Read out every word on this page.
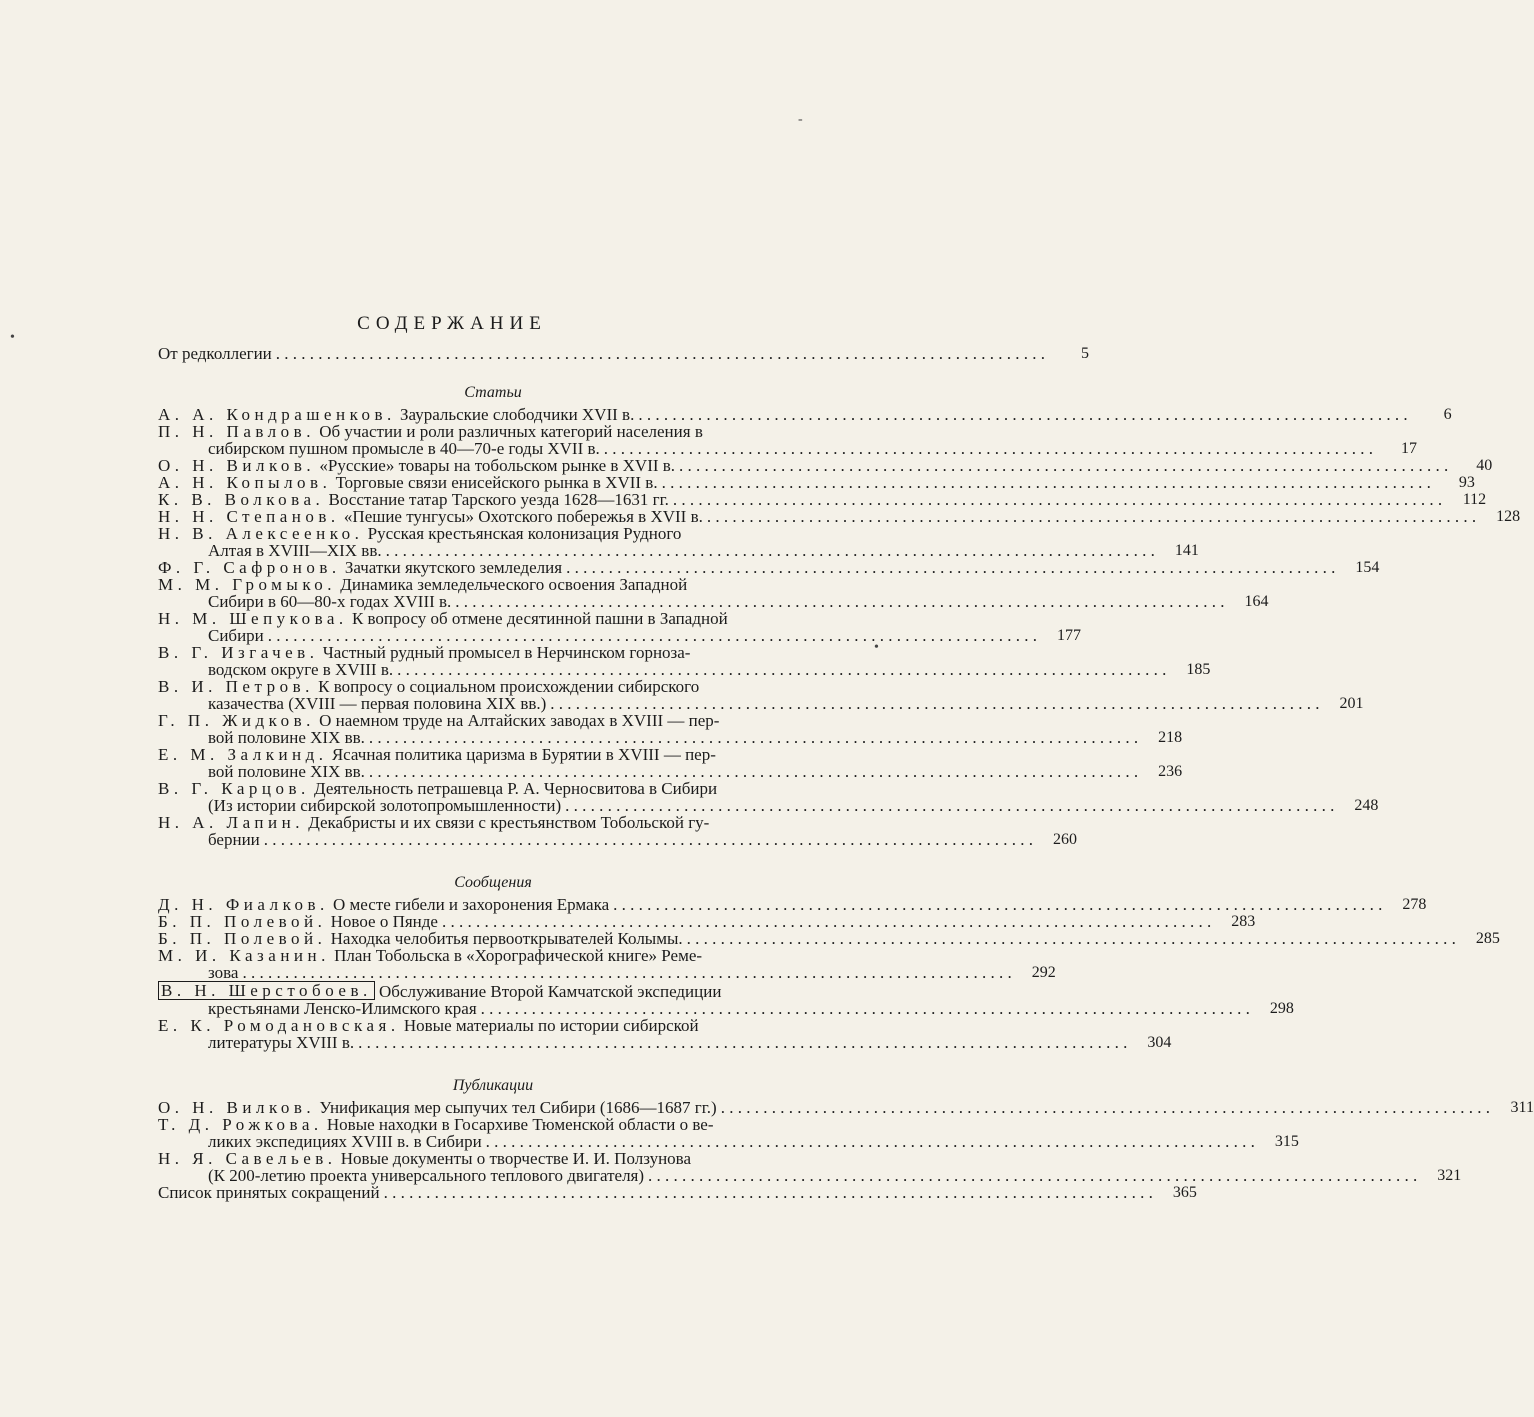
СОДЕРЖАНИЕ
От редколлегии . . .	5
Статьи
А. А. Кондрашенков.
Зауральские слободчики XVII в. . . .	6
П. Н. Павлов.
Об участии и роли различных категорий населения в
сибирском пушном промысле в 40—70-е годы XVII в. . . .	17
О. Н. Вилков.
«Русские» товары на тобольском рынке в XVII в. . . .	40
А. Н. Копылов.
Торговые связи енисейского рынка в XVII в. . . .	93
К. В. Волкова.
Восстание татар Тарского уезда 1628—1631 гг. . . .	112
Н. Н. Степанов.
«Пешие тунгусы» Охотского побережья в XVII в. . . .	128
Н. В. Алексеенко.
Русская крестьянская колонизация Рудного
Алтая в XVIII—XIX вв. . . .	141
Ф. Г. Сафронов.
Зачатки якутского земледелия . . .	154
М. М. Громыко.
Динамика земледельческого освоения Западной
Сибири в 60—80-х годах XVIII в. . . .	164
Н. М. Шепукова.
К вопросу об отмене десятинной пашни в Западной
Сибири . . .	177
В. Г. Изгачев.
Частный рудный промысел в Нерчинском горноза-
водском округе в XVIII в. . . .	185
В. И. Петров.
К вопросу о социальном происхождении сибирского
казачества (XVIII — первая половина XIX вв.) . . .	201
Г. П. Жидков.
О наемном труде на Алтайских заводах в XVIII — пер-
вой половине XIX вв. . . .	218
Е. М. Залкинд.
Ясачная политика царизма в Бурятии в XVIII — пер-
вой половине XIX вв. . . .	236
В. Г. Карцов.
Деятельность петрашевца Р. А. Черносвитова в Сибири
(Из истории сибирской золотопромышленности) . . .	248
Н. А. Лапин.
Декабристы и их связи с крестьянством Тобольской гу-
бернии . . .	260
Сообщения
Д. Н. Фиалков.
О месте гибели и захоронения Ермака . . .	278
Б. П. Полевой.
Новое о Пянде . . .	283
Б. П. Полевой.
Находка челобитья первооткрывателей Колымы. . . .	285
М. И. Казанин.
План Тобольска в «Хорографической книге» Реме-
зова . . .	292
В. Н. Шерстобоев.
Обслуживание Второй Камчатской экспедиции
крестьянами Ленско-Илимского края . . .	298
Е. К. Ромодановская.
Новые материалы по истории сибирской
литературы XVIII в. . . .	304
Публикации
О. Н. Вилков.
Унификация мер сыпучих тел Сибири (1686—1687 гг.) . . .	311
Т. Д. Рожкова.
Новые находки в Госархиве Тюменской области о ве-
ликих экспедициях XVIII в. в Сибири . . .	315
Н. Я. Савельев.
Новые документы о творчестве И. И. Ползунова
(К 200-летию проекта универсального теплового двигателя) . . .	321
Список принятых сокращений . . .	365
•
-
•
